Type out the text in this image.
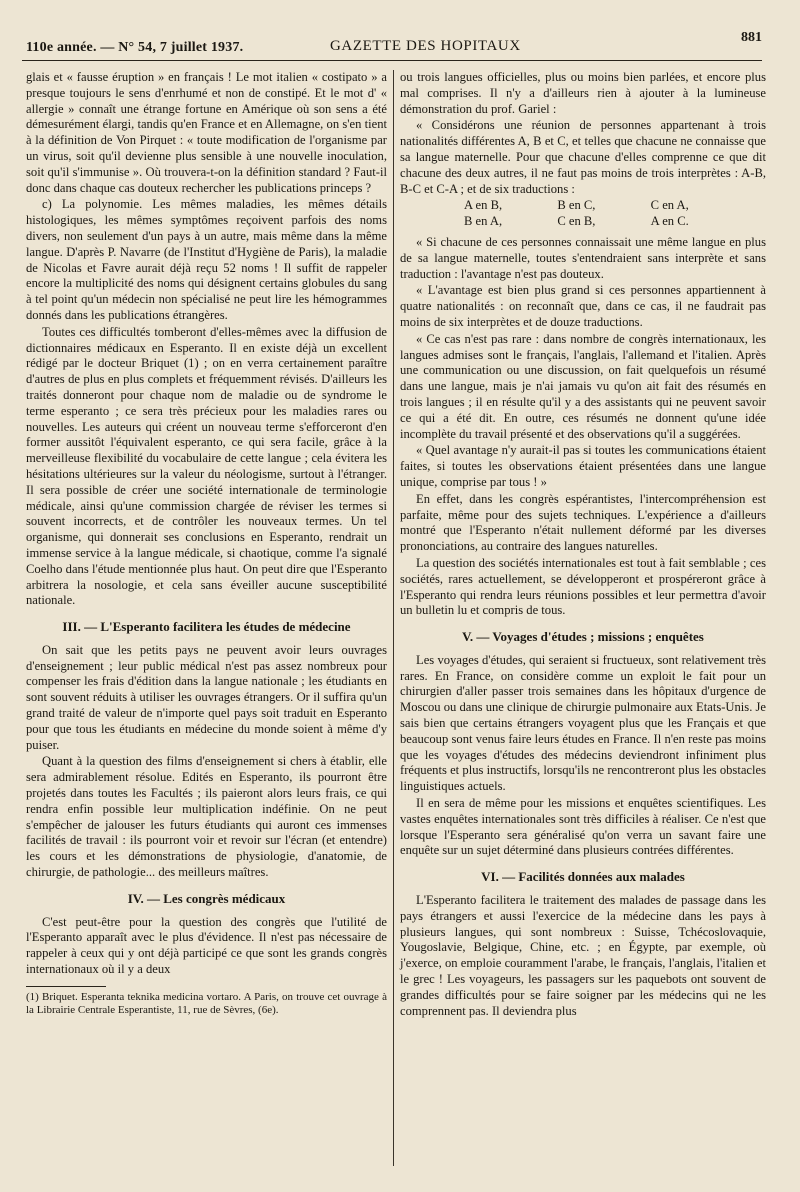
110e année. — N° 54, 7 juillet 1937.	GAZETTE DES HOPITAUX
881

glais et « fausse éruption » en français ! Le mot italien « costipato » a presque toujours le sens d'enrhumé et non de constipé. Et le mot d' « allergie » connaît une étrange fortune en Amérique où son sens a été démesurément élargi, tandis qu'en France et en Allemagne, on s'en tient à la définition de Von Pirquet : « toute modification de l'organisme par un virus, soit qu'il devienne plus sensible à une nouvelle inoculation, soit qu'il s'immunise ». Où trouvera-t-on la définition standard ? Faut-il donc dans chaque cas douteux rechercher les publications princeps ?

c) La polynomie. Les mêmes maladies, les mêmes détails histologiques, les mêmes symptômes reçoivent parfois des noms divers, non seulement d'un pays à un autre, mais même dans la même langue. D'après P. Navarre (de l'Institut d'Hygiène de Paris), la maladie de Nicolas et Favre aurait déjà reçu 52 noms ! Il suffit de rappeler encore la multiplicité des noms qui désignent certains globules du sang à tel point qu'un médecin non spécialisé ne peut lire les hémogrammes donnés dans les publications étrangères.

Toutes ces difficultés tomberont d'elles-mêmes avec la diffusion de dictionnaires médicaux en Esperanto. Il en existe déjà un excellent rédigé par le docteur Briquet (1) ; on en verra certainement paraître d'autres de plus en plus complets et fréquemment révisés. D'ailleurs les traités donneront pour chaque nom de maladie ou de syndrome le terme esperanto ; ce sera très précieux pour les maladies rares ou nouvelles. Les auteurs qui créent un nouveau terme s'efforceront d'en former aussitôt l'équivalent esperanto, ce qui sera facile, grâce à la merveilleuse flexibilité du vocabulaire de cette langue ; cela évitera les hésitations ultérieures sur la valeur du néologisme, surtout à l'étranger. Il sera possible de créer une société internationale de terminologie médicale, ainsi qu'une commission chargée de réviser les termes si souvent incorrects, et de contrôler les nouveaux termes. Un tel organisme, qui donnerait ses conclusions en Esperanto, rendrait un immense service à la langue médicale, si chaotique, comme l'a signalé Coelho dans l'étude mentionnée plus haut. On peut dire que l'Esperanto arbitrera la nosologie, et cela sans éveiller aucune susceptibilité nationale.

III. — L'Esperanto facilitera les études de médecine

On sait que les petits pays ne peuvent avoir leurs ouvrages d'enseignement ; leur public médical n'est pas assez nombreux pour compenser les frais d'édition dans la langue nationale ; les étudiants en sont souvent réduits à utiliser les ouvrages étrangers. Or il suffira qu'un grand traité de valeur de n'importe quel pays soit traduit en Esperanto pour que tous les étudiants en médecine du monde soient à même d'y puiser.

Quant à la question des films d'enseignement si chers à établir, elle sera admirablement résolue. Edités en Esperanto, ils pourront être projetés dans toutes les Facultés ; ils paieront alors leurs frais, ce qui rendra enfin possible leur multiplication indéfinie. On ne peut s'empêcher de jalouser les futurs étudiants qui auront ces immenses facilités de travail : ils pourront voir et revoir sur l'écran (et entendre) les cours et les démonstrations de physiologie, d'anatomie, de chirurgie, de pathologie... des meilleurs maîtres.

IV. — Les congrès médicaux

C'est peut-être pour la question des congrès que l'utilité de l'Esperanto apparaît avec le plus d'évidence. Il n'est pas nécessaire de rappeler à ceux qui y ont déjà participé ce que sont les grands congrès internationaux où il y a deux

(1) Briquet. Esperanta teknika medicina vortaro. A Paris, on trouve cet ouvrage à la Librairie Centrale Esperantiste, 11, rue de Sèvres, (6e).

ou trois langues officielles, plus ou moins bien parlées, et encore plus mal comprises. Il n'y a d'ailleurs rien à ajouter à la lumineuse démonstration du prof. Gariel :

« Considérons une réunion de personnes appartenant à trois nationalités différentes A, B et C, et telles que chacune ne connaisse que sa langue maternelle. Pour que chacune d'elles comprenne ce que dit chacune des deux autres, il ne faut pas moins de trois interprètes : A-B, B-C et C-A ; et de six traductions :

A en B,	B en C,	C en A,
B en A,	C en B,	A en C.

« Si chacune de ces personnes connaissait une même langue en plus de sa langue maternelle, toutes s'entendraient sans interprète et sans traduction : l'avantage n'est pas douteux.

« L'avantage est bien plus grand si ces personnes appartiennent à quatre nationalités : on reconnaît que, dans ce cas, il ne faudrait pas moins de six interprètes et de douze traductions.

« Ce cas n'est pas rare : dans nombre de congrès internationaux, les langues admises sont le français, l'anglais, l'allemand et l'italien. Après une communication ou une discussion, on fait quelquefois un résumé dans une langue, mais je n'ai jamais vu qu'on ait fait des résumés en trois langues ; il en résulte qu'il y a des assistants qui ne peuvent savoir ce qui a été dit. En outre, ces résumés ne donnent qu'une idée incomplète du travail présenté et des observations qu'il a suggérées.

« Quel avantage n'y aurait-il pas si toutes les communications étaient faites, si toutes les observations étaient présentées dans une langue unique, comprise par tous ! »

En effet, dans les congrès espérantistes, l'intercompréhension est parfaite, même pour des sujets techniques. L'expérience a d'ailleurs montré que l'Esperanto n'était nullement déformé par les diverses prononciations, au contraire des langues naturelles.

La question des sociétés internationales est tout à fait semblable ; ces sociétés, rares actuellement, se développeront et prospéreront grâce à l'Esperanto qui rendra leurs réunions possibles et leur permettra d'avoir un bulletin lu et compris de tous.

V. — Voyages d'études ; missions ; enquêtes

Les voyages d'études, qui seraient si fructueux, sont relativement très rares. En France, on considère comme un exploit le fait pour un chirurgien d'aller passer trois semaines dans les hôpitaux d'urgence de Moscou ou dans une clinique de chirurgie pulmonaire aux Etats-Unis. Je sais bien que certains étrangers voyagent plus que les Français et que beaucoup sont venus faire leurs études en France. Il n'en reste pas moins que les voyages d'études des médecins deviendront infiniment plus fréquents et plus instructifs, lorsqu'ils ne rencontreront plus les obstacles linguistiques actuels.

Il en sera de même pour les missions et enquêtes scientifiques. Les vastes enquêtes internationales sont très difficiles à réaliser. Ce n'est que lorsque l'Esperanto sera généralisé qu'on verra un savant faire une enquête sur un sujet déterminé dans plusieurs contrées différentes.

VI. — Facilités données aux malades

L'Esperanto facilitera le traitement des malades de passage dans les pays étrangers et aussi l'exercice de la médecine dans les pays à plusieurs langues, qui sont nombreux : Suisse, Tchécoslovaquie, Yougoslavie, Belgique, Chine, etc. ; en Égypte, par exemple, où j'exerce, on emploie couramment l'arabe, le français, l'anglais, l'italien et le grec ! Les voyageurs, les passagers sur les paquebots ont souvent de grandes difficultés pour se faire soigner par les médecins qui ne les comprennent pas. Il deviendra plus
